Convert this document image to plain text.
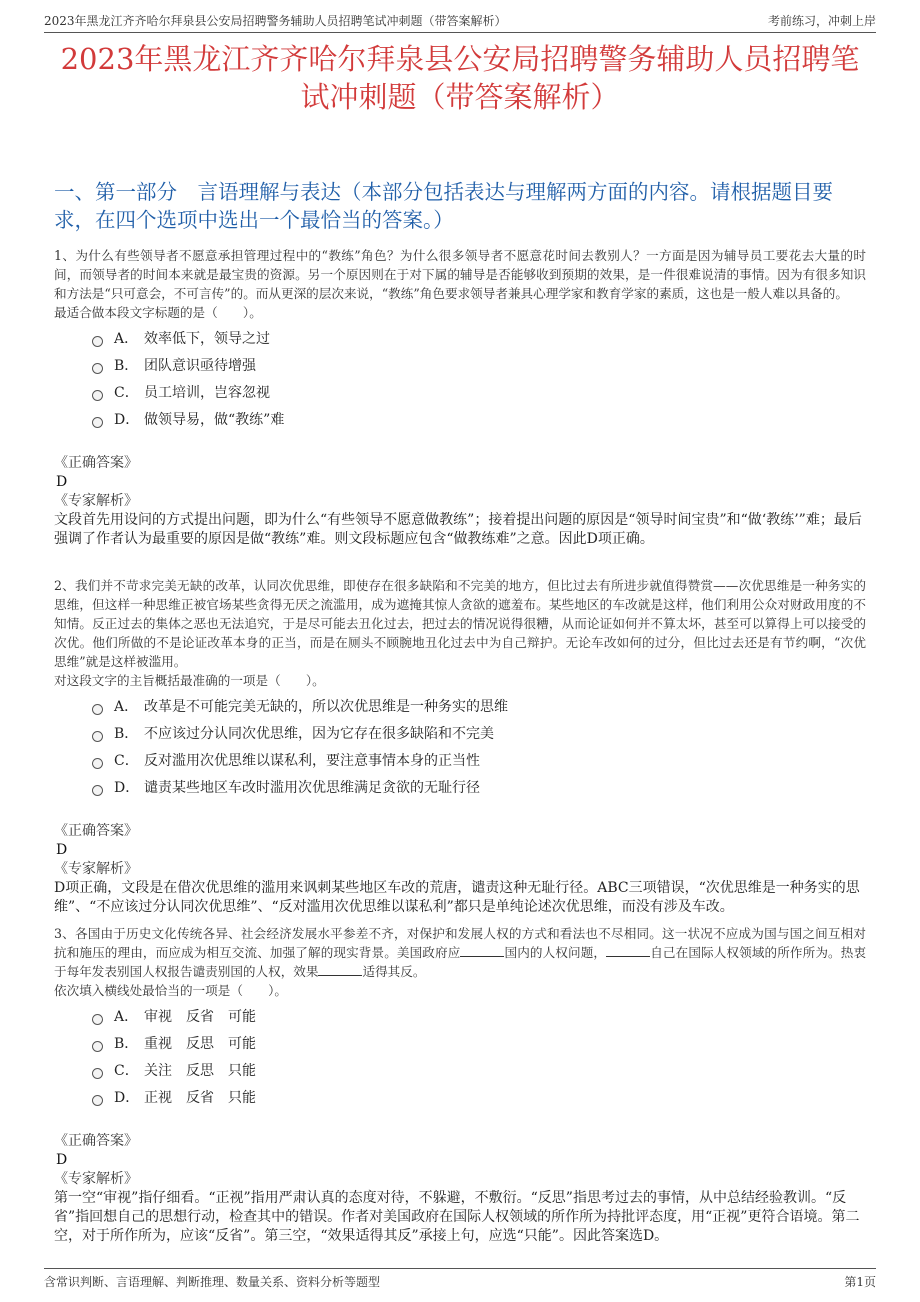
2023年黑龙江齐齐哈尔拜泉县公安局招聘警务辅助人员招聘笔试冲刺题（带答案解析）	考前练习，冲刺上岸
2023年黑龙江齐齐哈尔拜泉县公安局招聘警务辅助人员招聘笔试冲刺题（带答案解析）
一、第一部分　言语理解与表达（本部分包括表达与理解两方面的内容。请根据题目要求，在四个选项中选出一个最恰当的答案。）

1、为什么有些领导者不愿意承担管理过程中的“教练”角色？为什么很多领导者不愿意花时间去教别人？一方面是因为辅导员工要花去大量的时间，而领导者的时间本来就是最宝贵的资源。另一个原因则在于对下属的辅导是否能够收到预期的效果，是一件很难说清的事情。因为有很多知识和方法是“只可意会，不可言传”的。而从更深的层次来说，“教练”角色要求领导者兼具心理学家和教育学家的素质，这也是一般人难以具备的。

最适合做本段文字标题的是（　　）。

A． 效率低下，领导之过
B． 团队意识亟待增强
C． 员工培训，岂容忽视
D． 做领导易，做“教练”难
《正确答案》
D
《专家解析》

文段首先用设问的方式提出问题，即为什么“有些领导不愿意做教练”；接着提出问题的原因是“领导时间宝贵”和“做‘教练’”难；最后强调了作者认为最重要的原因是做“教练”难。则文段标题应包含“做教练难”之意。因此D项正确。

2、我们并不苛求完美无缺的改革，认同次优思维，即使存在很多缺陷和不完美的地方，但比过去有所进步就值得赞赏——次优思维是一种务实的思维，但这样一种思维正被官场某些贪得无厌之流滥用，成为遮掩其惊人贪欲的遮羞布。某些地区的车改就是这样，他们利用公众对财政用度的不知情。反正过去的集体之恶也无法追究，于是尽可能去丑化过去，把过去的情况说得很糟，从而论证如何并不算太坏，甚至可以算得上可以接受的次优。他们所做的不是论证改革本身的正当，而是在厕头不顾腕地丑化过去中为自己辩护。无论车改如何的过分，但比过去还是有节约啊，“次优思维”就是这样被滥用。

对这段文字的主旨概括最准确的一项是（　　）。

A． 改革是不可能完美无缺的，所以次优思维是一种务实的思维
B． 不应该过分认同次优思维，因为它存在很多缺陷和不完美
C． 反对滥用次优思维以谋私利，要注意事情本身的正当性
D． 谴责某些地区车改时滥用次优思维满足贪欲的无耻行径
《正确答案》
D
《专家解析》

D项正确，文段是在借次优思维的滥用来讽刺某些地区车改的荒唐，谴责这种无耻行径。ABC三项错误，“次优思维是一种务实的思维”、“不应该过分认同次优思维”、“反对滥用次优思维以谋私利”都只是单纯论述次优思维，而没有涉及车改。

3、各国由于历史文化传统各异、社会经济发展水平参差不齐，对保护和发展人权的方式和看法也不尽相同。这一状况不应成为国与国之间互相对抗和施压的理由，而应成为相互交流、加强了解的现实背景。美国政府应	国内的人权问题，	自己在国际人权领域的所作所为。热衷于每年发表别国人权报告谴责别国的人权，效果	适得其反。

依次填入横线处最恰当的一项是（　　）。

A． 审视　反省　可能
B． 重视　反思　可能
C． 关注　反思　只能
D． 正视　反省　只能
《正确答案》
D
《专家解析》

第一空“审视”指仔细看。“正视”指用严肃认真的态度对待，不躲避，不敷衍。“反思”指思考过去的事情，从中总结经验教训。“反省”指回想自己的思想行动，检查其中的错误。作者对美国政府在国际人权领域的所作所为持批评态度，用“正视”更符合语境。第二空，对于所作所为，应该“反省”。第三空，“效果适得其反”承接上句，应选“只能”。因此答案选D。

含常识判断、言语理解、判断推理、数量关系、资料分析等题型	第1页
